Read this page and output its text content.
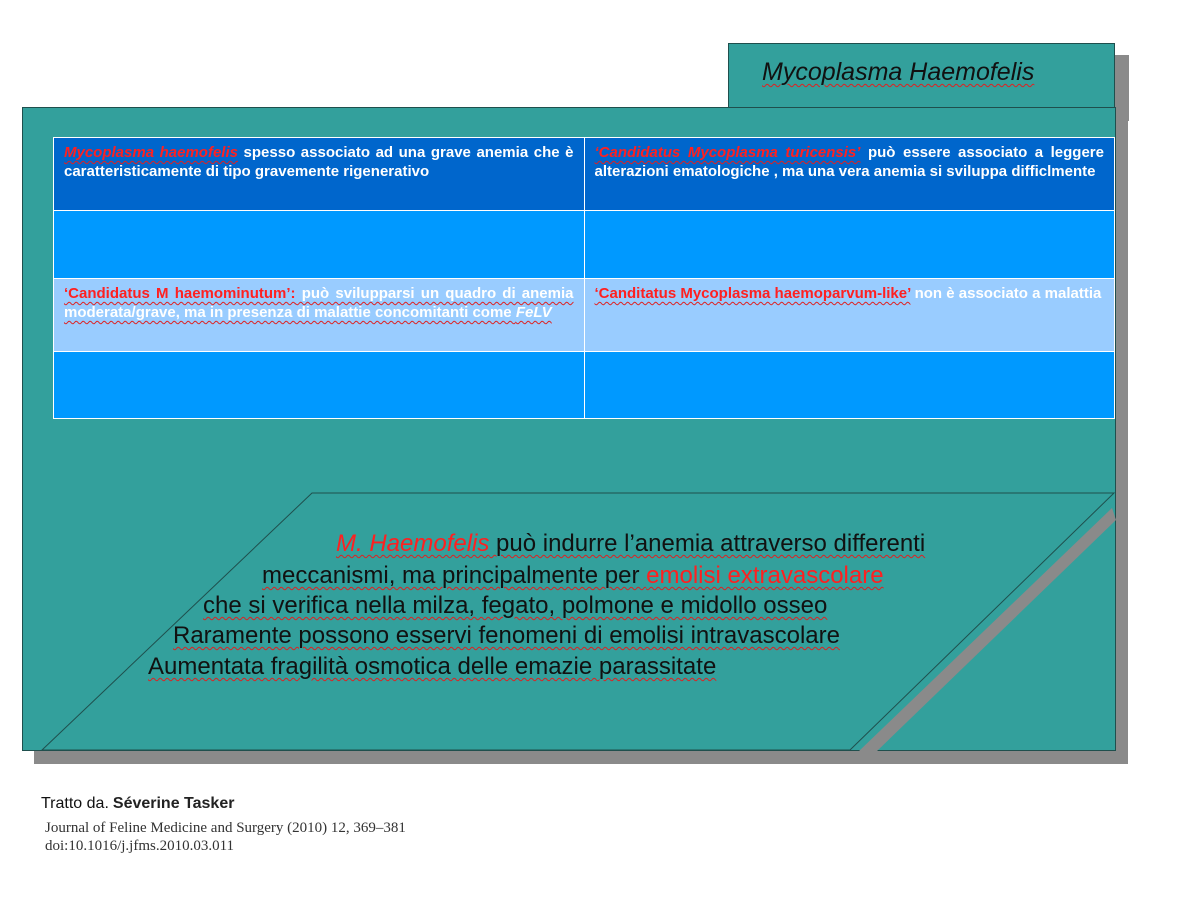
Mycoplasma Haemofelis
Mycoplasma haemofelis spesso associato ad una grave anemia che è caratteristicamente di tipo gravemente rigenerativo	‘Candidatus Mycoplasma turicensis’ può essere associato a leggere alterazioni ematologiche , ma una vera anemia si sviluppa difficlmente

‘Candidatus M haemominutum’: può svilupparsi un quadro di anemia moderata/grave, ma in presenza di malattie concomitanti come FeLV	‘Canditatus Mycoplasma haemoparvum-like’ non è associato a malattia

M. Haemofelis può indurre l’anemia attraverso differenti
meccanismi, ma principalmente per emolisi extravascolare
che si verifica nella milza, fegato, polmone e midollo osseo
Raramente possono esservi fenomeni di emolisi intravascolare
Aumentata fragilità osmotica delle emazie parassitate
Tratto da. Séverine Tasker
Journal of Feline Medicine and Surgery (2010) 12, 369–381
doi:10.1016/j.jfms.2010.03.011
